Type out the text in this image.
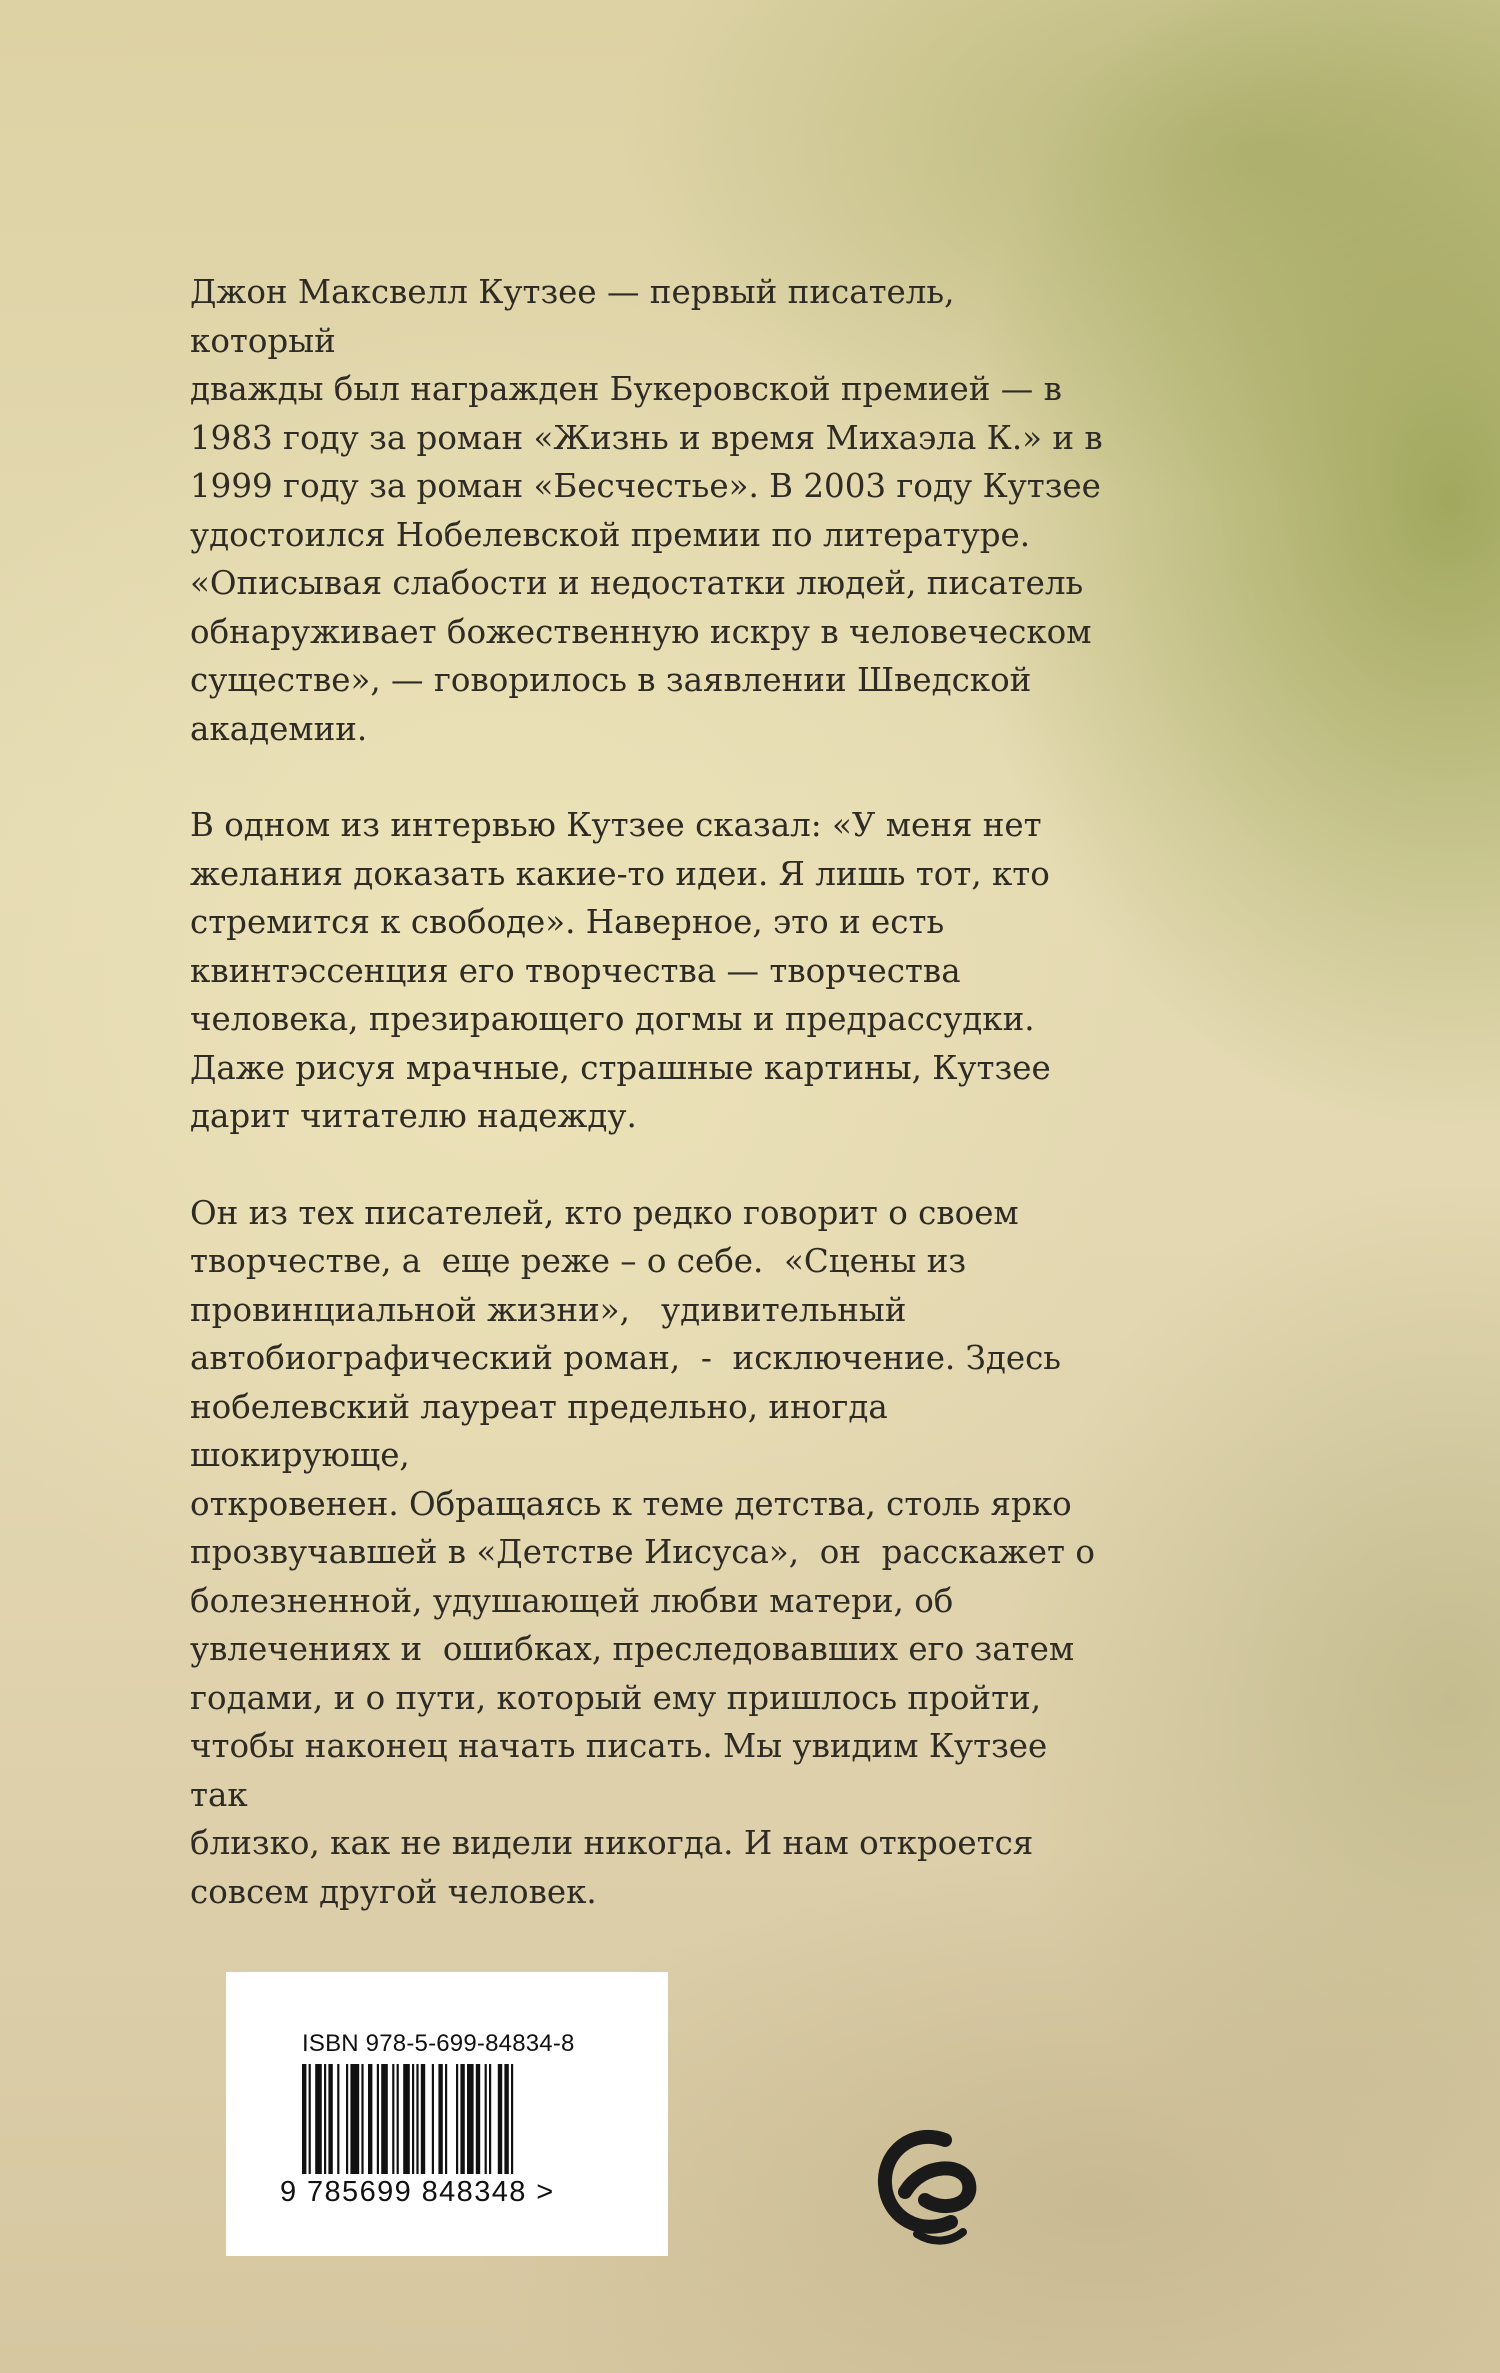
Джон Максвелл Кутзее — первый писатель, который
дважды был награжден Букеровской премией — в
1983 году за роман «Жизнь и время Михаэла К.» и в
1999 году за роман «Бесчестье». В 2003 году Кутзее
удостоился Нобелевской премии по литературе.
«Описывая слабости и недостатки людей, писатель
обнаруживает божественную искру в человеческом
существе», — говорилось в заявлении Шведской
академии.

В одном из интервью Кутзее сказал: «У меня нет
желания доказать какие-то идеи. Я лишь тот, кто
стремится к свободе». Наверное, это и есть
квинтэссенция его творчества — творчества
человека, презирающего догмы и предрассудки.
Даже рисуя мрачные, страшные картины, Кутзее
дарит читателю надежду.

Он из тех писателей, кто редко говорит о своем
творчестве, а  еще реже – о себе.  «Сцены из
провинциальной жизни»,   удивительный
автобиографический роман,  -  исключение. Здесь
нобелевский лауреат предельно, иногда шокирующе,
откровенен. Обращаясь к теме детства, столь ярко
прозвучавшей в «Детстве Иисуса»,  он  расскажет о
болезненной, удушающей любви матери, об
увлечениях и  ошибках, преследовавших его затем
годами, и о пути, который ему пришлось пройти,
чтобы наконец начать писать. Мы увидим Кутзее так
близко, как не видели никогда. И нам откроется
совсем другой человек.

ISBN 978-5-699-84834-8
9 785699 848348 >
